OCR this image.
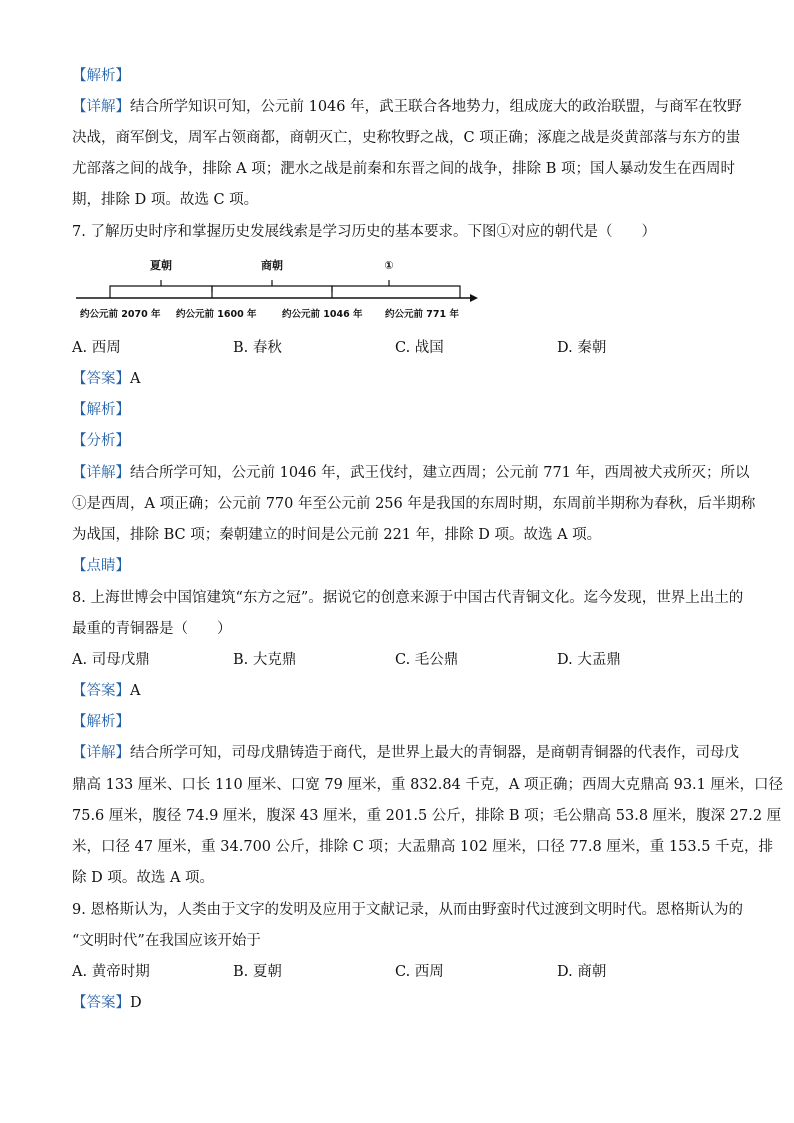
【解析】
【详解】结合所学知识可知，公元前 1046 年，武王联合各地势力，组成庞大的政治联盟，与商军在牧野
决战，商军倒戈，周军占领商都，商朝灭亡，史称牧野之战，C 项正确；涿鹿之战是炎黄部落与东方的蚩
尤部落之间的战争，排除 A 项；淝水之战是前秦和东晋之间的战争，排除 B 项；国人暴动发生在西周时
期，排除 D 项。故选 C 项。
7. 了解历史时序和掌握历史发展线索是学习历史的基本要求。下图①对应的朝代是（　　）
夏朝	商朝	①
约公元前 2070 年 约公元前 1600 年	约公元前 1046 年 约公元前 771 年
A. 西周	B. 春秋	C. 战国	D. 秦朝
【答案】A
【解析】
【分析】
【详解】结合所学可知，公元前 1046 年，武王伐纣，建立西周；公元前 771 年，西周被犬戎所灭；所以
①是西周，A 项正确；公元前 770 年至公元前 256 年是我国的东周时期，东周前半期称为春秋，后半期称
为战国，排除 BC 项；秦朝建立的时间是公元前 221 年，排除 D 项。故选 A 项。
【点睛】
8. 上海世博会中国馆建筑“东方之冠”。据说它的创意来源于中国古代青铜文化。迄今发现，世界上出土的
最重的青铜器是（　　）
A. 司母戊鼎	B. 大克鼎	C. 毛公鼎	D. 大盂鼎
【答案】A
【解析】
【详解】结合所学可知，司母戊鼎铸造于商代，是世界上最大的青铜器，是商朝青铜器的代表作，司母戊
鼎高 133 厘米、口长 110 厘米、口宽 79 厘米，重 832.84 千克，A 项正确；西周大克鼎高 93.1 厘米，口径
75.6 厘米，腹径 74.9 厘米，腹深 43 厘米，重 201.5 公斤，排除 B 项；毛公鼎高 53.8 厘米，腹深 27.2 厘
米，口径 47 厘米，重 34.700 公斤，排除 C 项；大盂鼎高 102 厘米，口径 77.8 厘米，重 153.5 千克，排
除 D 项。故选 A 项。
9. 恩格斯认为，人类由于文字的发明及应用于文献记录，从而由野蛮时代过渡到文明时代。恩格斯认为的
“文明时代”在我国应该开始于
A. 黄帝时期	B. 夏朝	C. 西周	D. 商朝
【答案】D
